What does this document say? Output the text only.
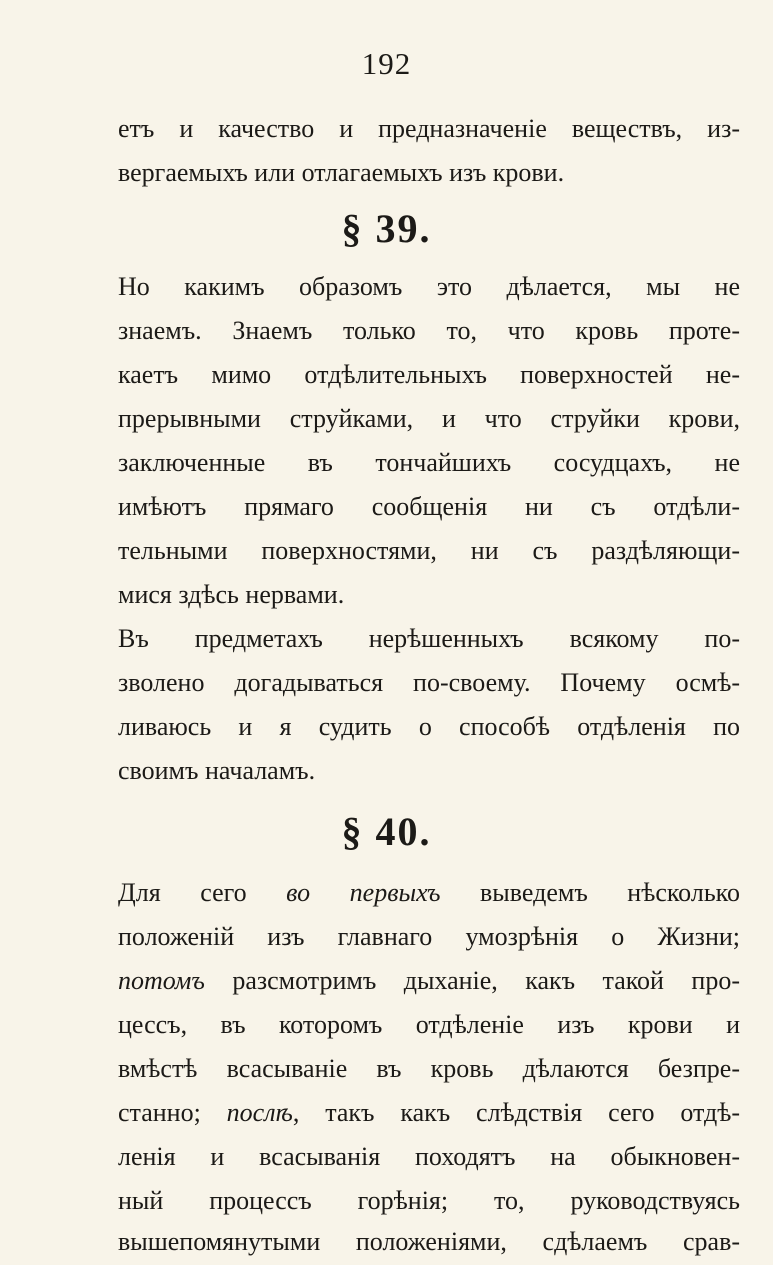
192
етъ и качество и предназначеніе веществъ, из-
вергаемыхъ или отлагаемыхъ изъ крови.
§ 39.
Но какимъ образомъ это дѣлается, мы не
знаемъ. Знаемъ только то, что кровь проте-
каетъ мимо отдѣлительныхъ поверхностей не-
прерывными струйками, и что струйки крови,
заключенные въ тончайшихъ сосудцахъ, не
имѣютъ прямаго сообщенія ни съ отдѣли-
тельными поверхностями, ни съ раздѣляющи-
мися здѣсь нервами.
Въ предметахъ нерѣшенныхъ всякому по-
зволено догадываться по-своему. Почему осмѣ-
ливаюсь и я судить о способѣ отдѣленія по
своимъ началамъ.
§ 40.
Для сего во первыхъ выведемъ нѣсколько
положеній изъ главнаго умозрѣнія о Жизни;
потомъ разсмотримъ дыханіе, какъ такой про-
цессъ, въ которомъ отдѣленіе изъ крови и
вмѣстѣ всасываніе въ кровь дѣлаются безпре-
станно; послѣ, такъ какъ слѣдствія сего отдѣ-
ленія и всасыванія походятъ на обыкновен-
ный процессъ горѣнія; то, руководствуясь
вышепомянутыми положеніями, сдѣлаемъ срав-
